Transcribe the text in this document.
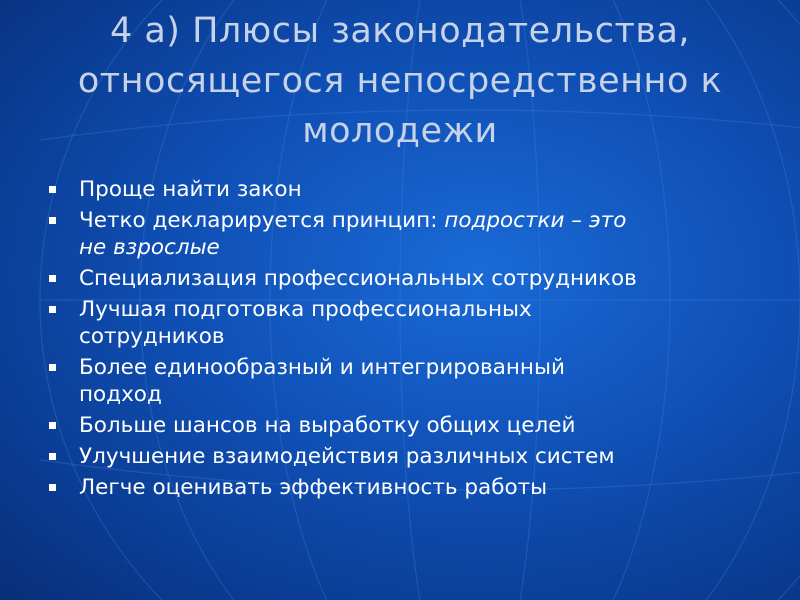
4 а) Плюсы законодательства,
относящегося непосредственно к
молодежи
Проще найти закон
Четко декларируется принцип: подростки – это
не взрослые
Специализация профессиональных сотрудников
Лучшая подготовка профессиональных
сотрудников
Более единообразный и интегрированный
подход
Больше шансов на выработку общих целей
Улучшение взаимодействия различных систем
Легче оценивать эффективность работы
